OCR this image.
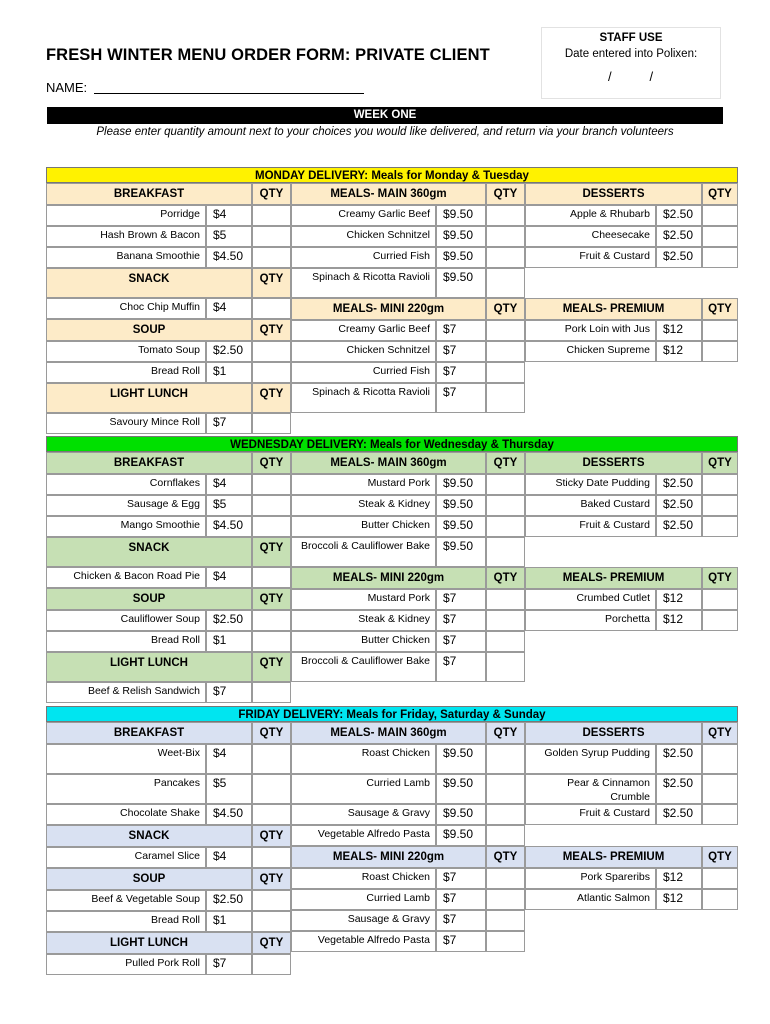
FRESH WINTER MENU ORDER FORM: PRIVATE CLIENT
NAME:
STAFF USE
Date entered into Polixen:
/        /
WEEK ONE
Please enter quantity amount next to your choices you would like delivered, and return via your branch volunteers
MONDAY DELIVERY: Meals for Monday & Tuesday
BREAKFAST	QTY
Porridge	$4
Hash Brown & Bacon	$5
Banana Smoothie	$4.50
SNACK	QTY
Choc Chip Muffin	$4
SOUP	QTY
Tomato Soup	$2.50
Bread Roll	$1
LIGHT LUNCH	QTY
Savoury Mince Roll	$7
MEALS- MAIN 360gm	QTY
Creamy Garlic Beef	$9.50
Chicken Schnitzel	$9.50
Curried Fish	$9.50
Spinach & Ricotta Ravioli	$9.50
MEALS- MINI 220gm	QTY
Creamy Garlic Beef	$7
Chicken Schnitzel	$7
Curried Fish	$7
Spinach & Ricotta Ravioli	$7
DESSERTS	QTY
Apple & Rhubarb	$2.50
Cheesecake	$2.50
Fruit & Custard	$2.50
MEALS- PREMIUM	QTY
Pork Loin with Jus	$12
Chicken Supreme	$12
WEDNESDAY DELIVERY: Meals for Wednesday & Thursday
BREAKFAST	QTY
Cornflakes	$4
Sausage & Egg	$5
Mango Smoothie	$4.50
SNACK	QTY
Chicken & Bacon Road Pie	$4
SOUP	QTY
Cauliflower Soup	$2.50
Bread Roll	$1
LIGHT LUNCH	QTY
Beef & Relish Sandwich	$7
MEALS- MAIN 360gm	QTY
Mustard Pork	$9.50
Steak & Kidney	$9.50
Butter Chicken	$9.50
Broccoli & Cauliflower Bake	$9.50
MEALS- MINI 220gm	QTY
Mustard Pork	$7
Steak & Kidney	$7
Butter Chicken	$7
Broccoli & Cauliflower Bake	$7
DESSERTS	QTY
Sticky Date Pudding	$2.50
Baked Custard	$2.50
Fruit & Custard	$2.50
MEALS- PREMIUM	QTY
Crumbed Cutlet	$12
Porchetta	$12
FRIDAY DELIVERY: Meals for Friday, Saturday & Sunday
BREAKFAST	QTY
Weet-Bix	$4
Pancakes	$5
Chocolate Shake	$4.50
SNACK	QTY
Caramel Slice	$4
SOUP	QTY
Beef & Vegetable Soup	$2.50
Bread Roll	$1
LIGHT LUNCH	QTY
Pulled Pork Roll	$7
MEALS- MAIN 360gm	QTY
Roast Chicken	$9.50
Curried Lamb	$9.50
Sausage & Gravy	$9.50
Vegetable Alfredo Pasta	$9.50
MEALS- MINI 220gm	QTY
Roast Chicken	$7
Curried Lamb	$7
Sausage & Gravy	$7
Vegetable Alfredo Pasta	$7
DESSERTS	QTY
Golden Syrup Pudding	$2.50
Pear & Cinnamon Crumble
$2.50
Fruit & Custard	$2.50
MEALS- PREMIUM	QTY
Pork Spareribs	$12
Atlantic Salmon	$12
